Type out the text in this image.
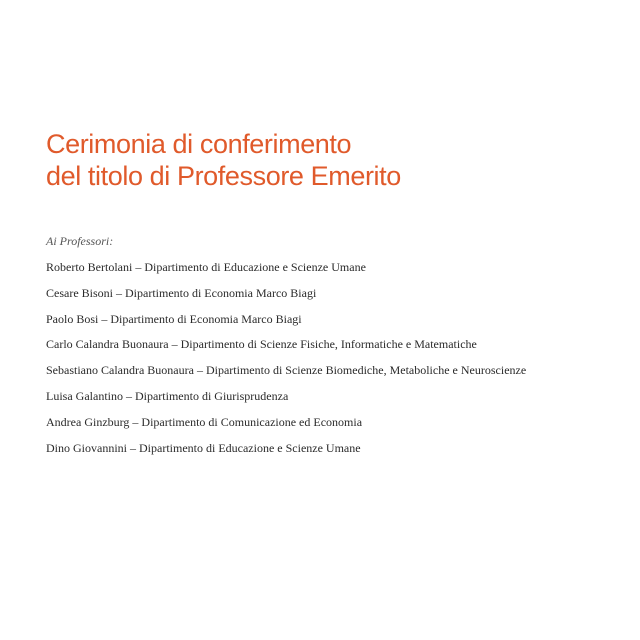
Cerimonia di conferimento
del titolo di Professore Emerito

Ai Professori:

Roberto Bertolani – Dipartimento di Educazione e Scienze Umane
Cesare Bisoni – Dipartimento di Economia Marco Biagi
Paolo Bosi – Dipartimento di Economia Marco Biagi
Carlo Calandra Buonaura – Dipartimento di Scienze Fisiche, Informatiche e Matematiche
Sebastiano Calandra Buonaura – Dipartimento di Scienze Biomediche, Metaboliche e Neuroscienze
Luisa Galantino – Dipartimento di Giurisprudenza
Andrea Ginzburg – Dipartimento di Comunicazione ed Economia
Dino Giovannini – Dipartimento di Educazione e Scienze Umane
